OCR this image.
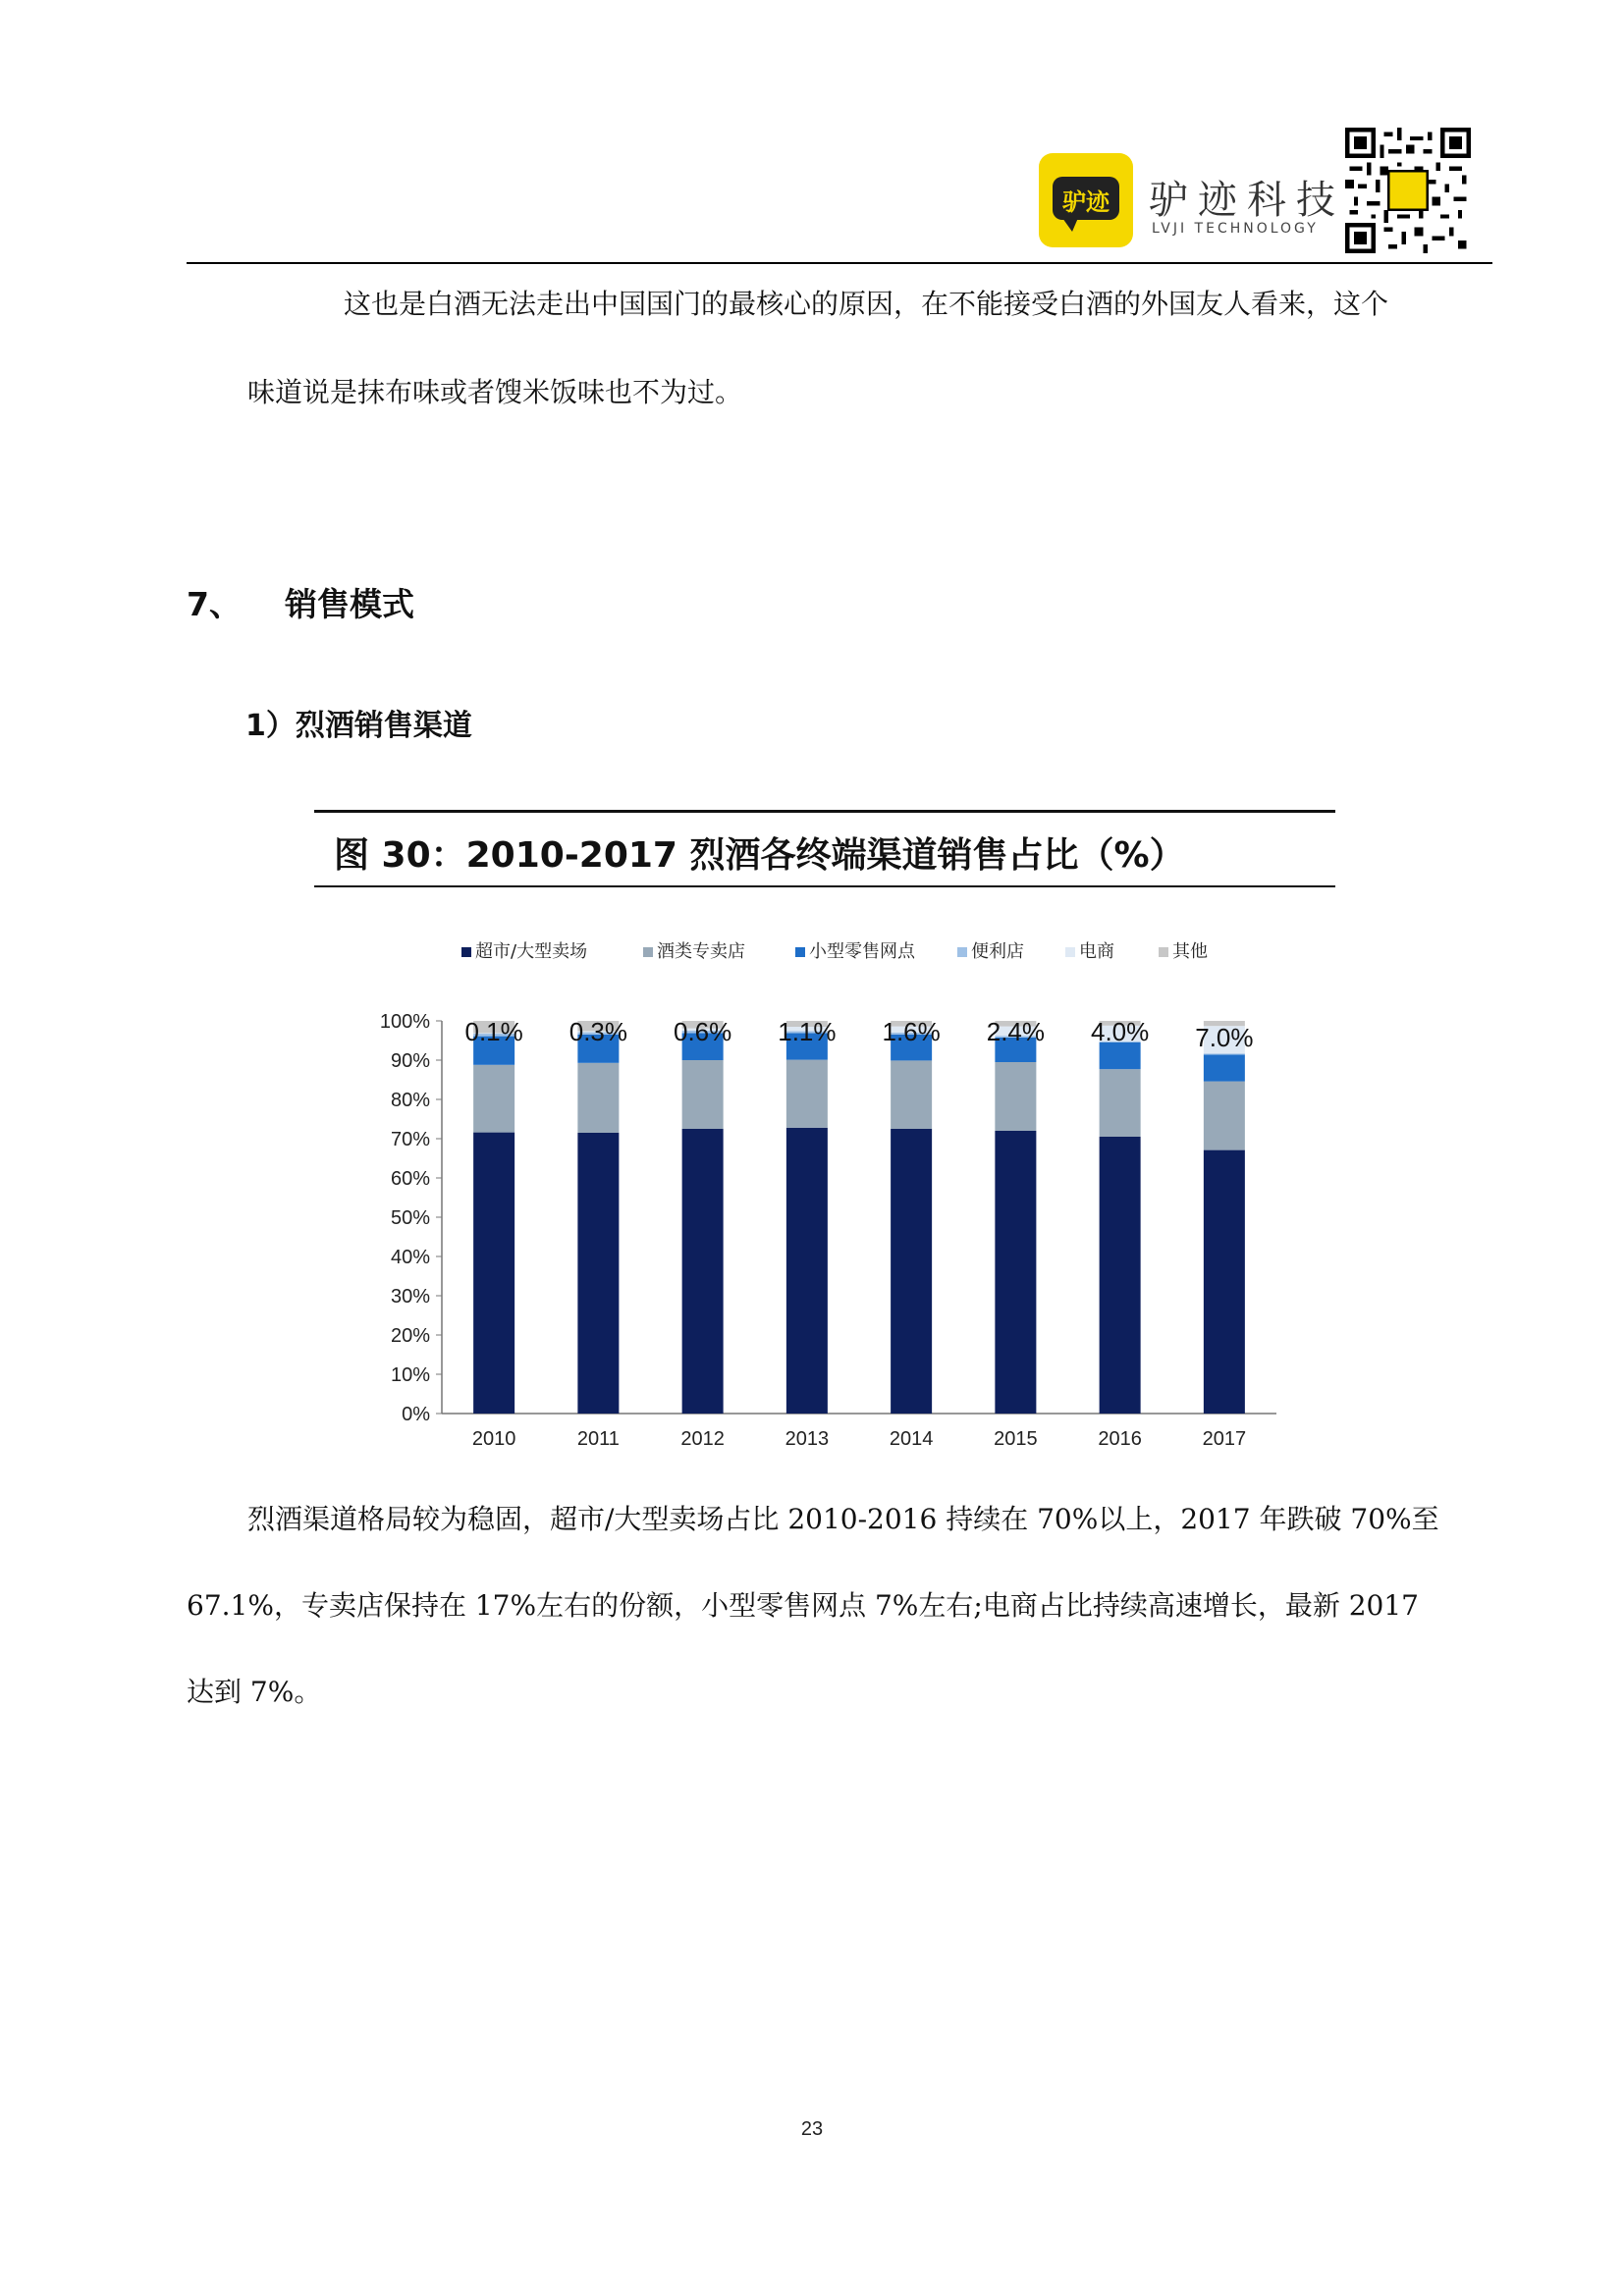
驴迹 驴迹科技
LVJI TECHNOLOGY
这也是白酒无法走出中国国门的最核心的原因，在不能接受白酒的外国友人看来，这个
味道说是抹布味或者馊米饭味也不为过。
7、 销售模式
1）烈酒销售渠道
图 30：2010-2017 烈酒各终端渠道销售占比（%）
超市/大型卖场	酒类专卖店	小型零售网点	便利店	电商	其他
0%
10%
20%
30%
40%
50%
60%
70%
80%
90%
100%
2010
0.1%
2011
0.3%
2012
0.6%
2013
1.1%
2014
1.6%
2015
2.4%
2016
4.0%
2017
7.0%
烈酒渠道格局较为稳固，超市/大型卖场占比 2010-2016 持续在 70%以上，2017 年跌破 70%至
67.1%，专卖店保持在 17%左右的份额，小型零售网点 7%左右;电商占比持续高速增长，最新 2017
达到 7%。
23
